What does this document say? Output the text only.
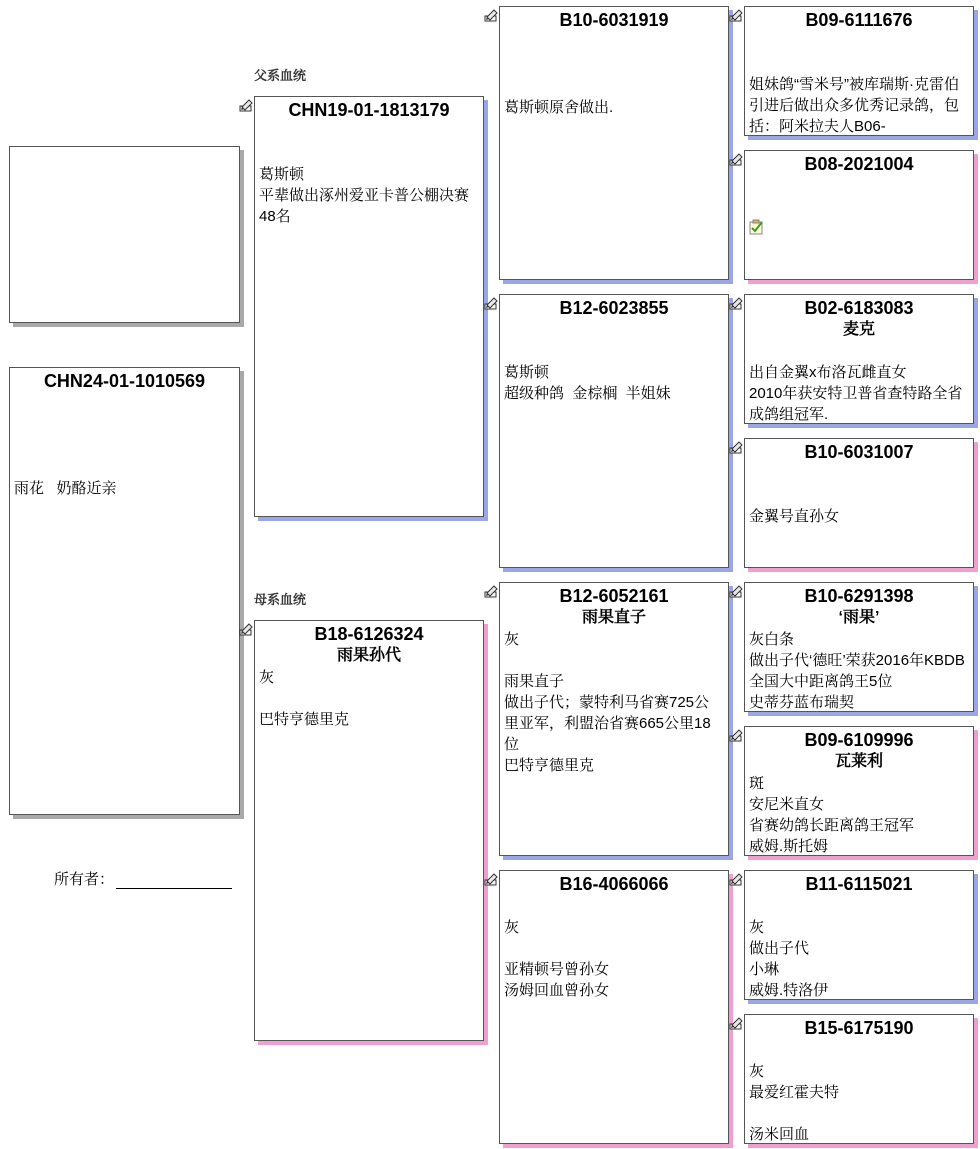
CHN24-01-1010569
雨花   奶酪近亲
所有者：
父系血统
母系血统
CHN19-01-1813179
葛斯顿
平辈做出涿州爱亚卡普公棚决赛48名
B18-6126324
雨果孙代
灰

巴特亨德里克
B10-6031919
葛斯顿原舍做出.
B12-6023855
葛斯顿
超级种鸽  金棕榈  半姐妹
B12-6052161
雨果直子
灰

雨果直子
做出子代；蒙特利马省赛725公里亚军，利盟治省赛665公里18位
巴特亨德里克
B16-4066066
灰

亚精顿号曾孙女
汤姆回血曾孙女
B09-6111676
姐妹鸽“雪米号”被库瑞斯·克雷伯引进后做出众多优秀记录鸽，包括：阿米拉夫人B06-
B08-2021004
B02-6183083
麦克
出自金翼x布洛瓦雌直女
2010年获安特卫普省查特路全省成鸽组冠军.
B10-6031007
金翼号直孙女
B10-6291398
‘雨果’
灰白条
做出子代‘德旺’荣获2016年KBDB全国大中距离鸽王5位
史蒂芬蓝布瑞契
B09-6109996
瓦莱利
斑
安尼米直女
省赛幼鸽长距离鸽王冠军
威姆.斯托姆
B11-6115021
灰
做出子代
小琳
威姆.特洛伊
B15-6175190
灰
最爱红霍夫特

汤米回血
